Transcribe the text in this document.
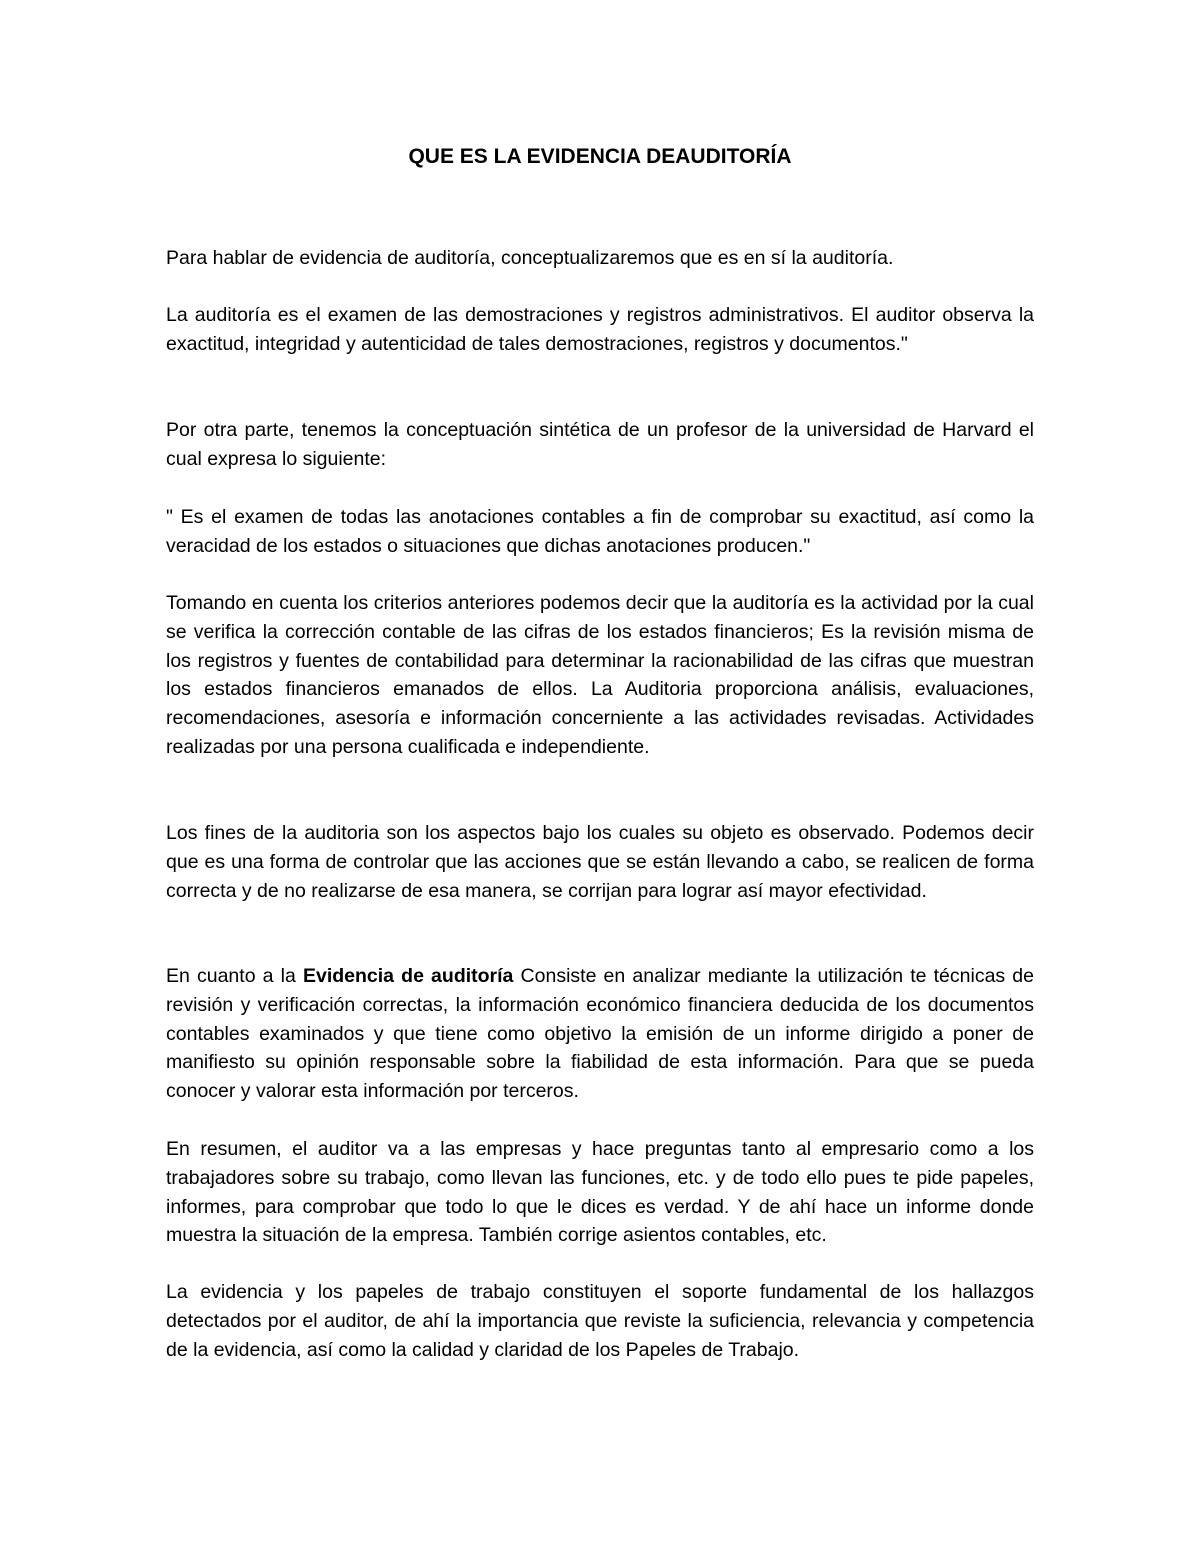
QUE ES LA EVIDENCIA DEAUDITORÍA

Para hablar de evidencia de auditoría, conceptualizaremos que es en sí la auditoría.

La auditoría es el examen de las demostraciones y registros administrativos. El auditor observa la exactitud, integridad y autenticidad de tales demostraciones, registros y documentos."

Por otra parte, tenemos la conceptuación sintética de un profesor de la universidad de Harvard el cual expresa lo siguiente:

" Es el examen de todas las anotaciones contables a fin de comprobar su exactitud, así como la veracidad de los estados o situaciones que dichas anotaciones producen."

Tomando en cuenta los criterios anteriores podemos decir que la auditoría es la actividad por la cual se verifica la corrección contable de las cifras de los estados financieros; Es la revisión misma de los registros y fuentes de contabilidad para determinar la racionabilidad de las cifras que muestran los estados financieros emanados de ellos. La Auditoria proporciona análisis, evaluaciones, recomendaciones, asesoría e información concerniente a las actividades revisadas. Actividades realizadas por una persona cualificada e independiente.

Los fines de la auditoria son los aspectos bajo los cuales su objeto es observado. Podemos decir que es una forma de controlar que las acciones que se están llevando a cabo, se realicen de forma correcta y de no realizarse de esa manera, se corrijan para lograr así mayor efectividad.

En cuanto a la Evidencia de auditoría Consiste en analizar mediante la utilización te técnicas de revisión y verificación correctas, la información económico financiera deducida de los documentos contables examinados y que tiene como objetivo la emisión de un informe dirigido a poner de manifiesto su opinión responsable sobre la fiabilidad de esta información. Para que se pueda conocer y valorar esta información por terceros.

En resumen, el auditor va a las empresas y hace preguntas tanto al empresario como a los trabajadores sobre su trabajo, como llevan las funciones, etc. y de todo ello pues te pide papeles, informes, para comprobar que todo lo que le dices es verdad. Y de ahí hace un informe donde muestra la situación de la empresa. También corrige asientos contables, etc.

La evidencia y los papeles de trabajo constituyen el soporte fundamental de los hallazgos detectados por el auditor, de ahí la importancia que reviste la suficiencia, relevancia y competencia de la evidencia, así como la calidad y claridad de los Papeles de Trabajo.
